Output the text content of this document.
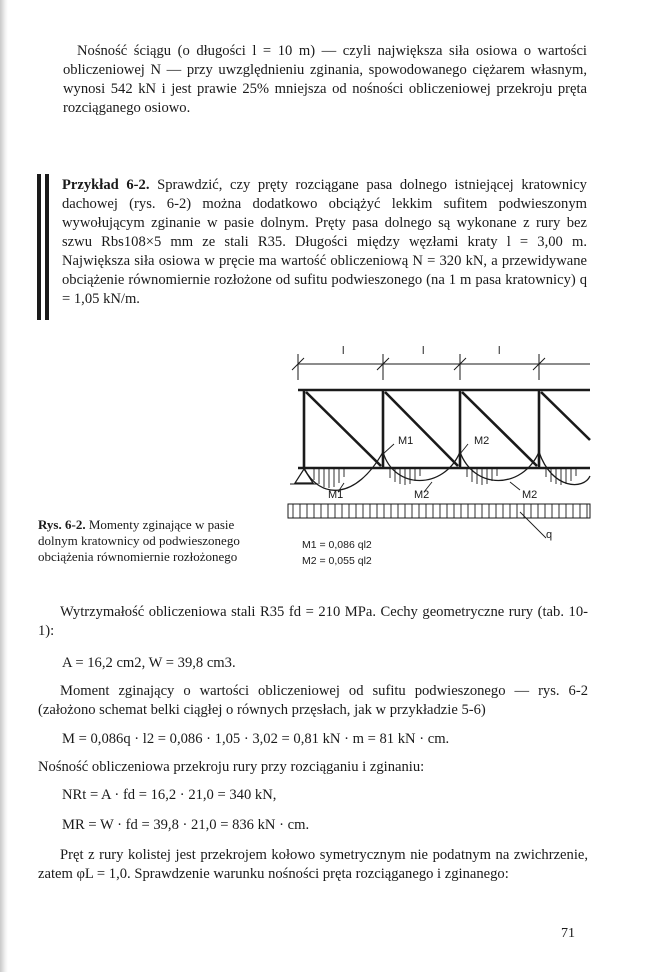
Nośność ściągu (o długości l = 10 m) — czyli największa siła osiowa o wartości obliczeniowej N — przy uwzględnieniu zginania, spowodowanego ciężarem własnym, wynosi 542 kN i jest prawie 25% mniejsza od nośności obliczeniowej przekroju pręta rozciąganego osiowo.

Przykład 6-2. Sprawdzić, czy pręty rozciągane pasa dolnego istniejącej kratownicy dachowej (rys. 6-2) można dodatkowo obciążyć lekkim sufitem podwieszonym wywołującym zginanie w pasie dolnym. Pręty pasa dolnego są wykonane z rury bez szwu Rbs108×5 mm ze stali R35. Długości między węzłami kraty l = 3,00 m. Największa siła osiowa w pręcie ma wartość obliczeniową N = 320 kN, a przewidywane obciążenie równomiernie rozłożone od sufitu podwieszonego (na 1 m pasa kratownicy) q = 1,05 kN/m.

l	l	l
M1	M2
M1	M2	M2
q
M1 = 0,086 ql2
M2 = 0,055 ql2

Rys. 6-2. Momenty zginające w pasie dolnym kratownicy od podwieszonego obciążenia równomiernie rozłożonego

Wytrzymałość obliczeniowa stali R35 fd = 210 MPa. Cechy geometryczne rury (tab. 10-1):

A = 16,2 cm2, W = 39,8 cm3.

Moment zginający o wartości obliczeniowej od sufitu podwieszonego — rys. 6-2 (założono schemat belki ciągłej o równych przęsłach, jak w przykładzie 5-6)

M = 0,086q · l2 = 0,086 · 1,05 · 3,02 = 0,81 kN · m = 81 kN · cm.

Nośność obliczeniowa przekroju rury przy rozciąganiu i zginaniu:

NRt = A · fd = 16,2 · 21,0 = 340 kN,

MR = W · fd = 39,8 · 21,0 = 836 kN · cm.

Pręt z rury kolistej jest przekrojem kołowo symetrycznym nie podatnym na zwichrzenie, zatem φL = 1,0. Sprawdzenie warunku nośności pręta rozciąganego i zginanego:

71
